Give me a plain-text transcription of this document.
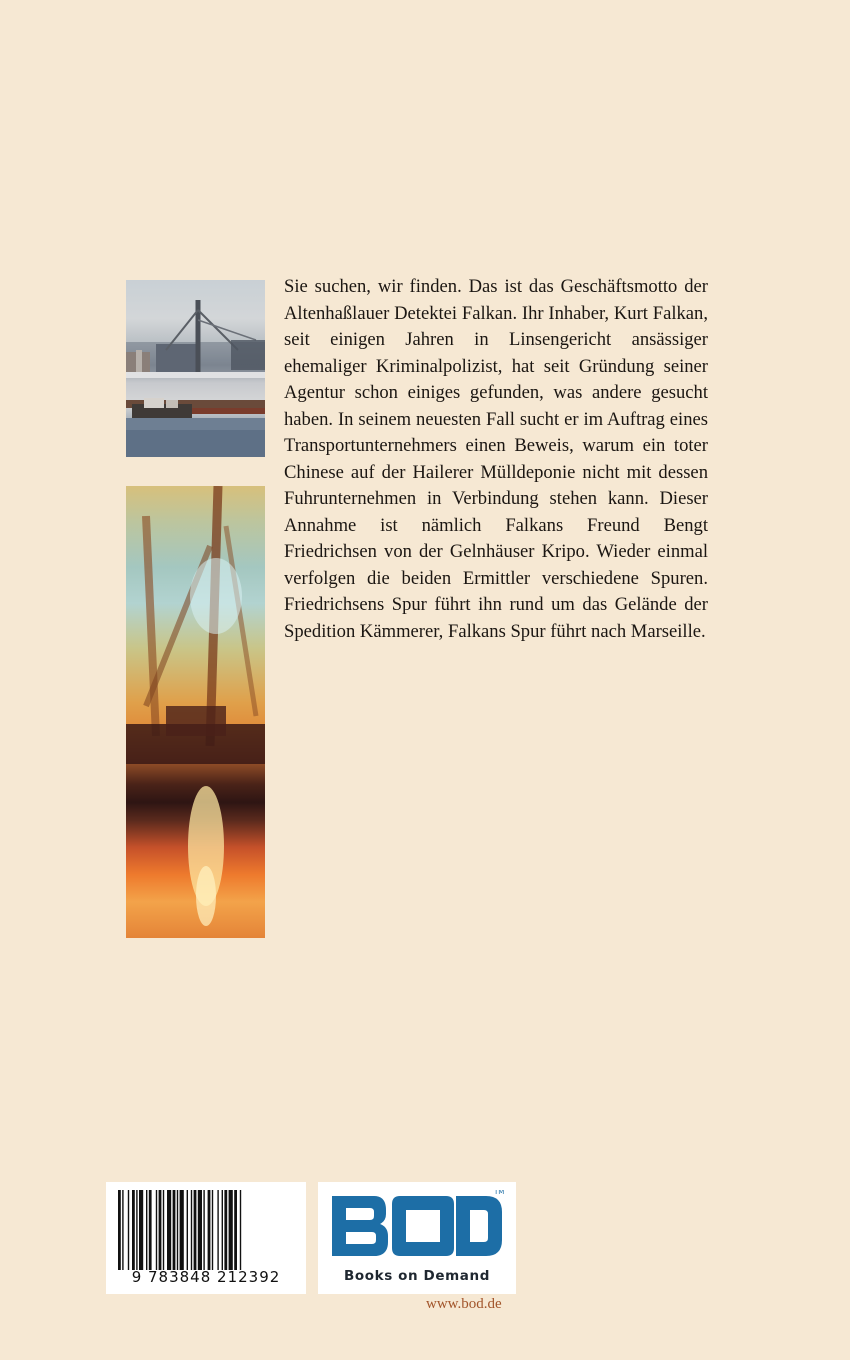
Sie suchen, wir finden. Das ist das Geschäftsmotto der Altenhaßlauer Detektei Falkan. Ihr Inhaber, Kurt Falkan, seit einigen Jahren in Linsengericht ansässiger ehemaliger Kriminalpolizist, hat seit Gründung seiner Agentur schon einiges gefunden, was andere gesucht haben. In seinem neuesten Fall sucht er im Auftrag eines Transportunternehmers einen Beweis, warum ein toter Chinese auf der Hailerer Mülldeponie nicht mit dessen Fuhrunternehmen in Verbindung stehen kann. Dieser Annahme ist nämlich Falkans Freund Bengt Friedrichsen von der Gelnhäuser Kripo. Wieder einmal verfolgen die beiden Ermittler verschiedene Spuren. Friedrichsens Spur führt ihn rund um das Gelände der Spedition Kämmerer, Falkans Spur führt nach Marseille.

9 783848 212392
TM
Books on Demand
www.bod.de
